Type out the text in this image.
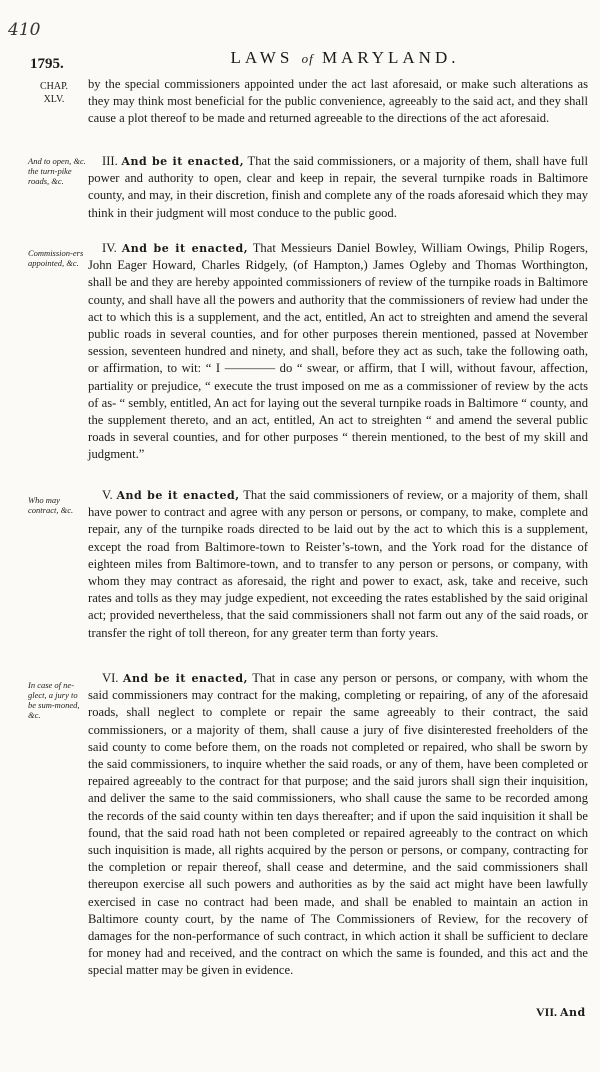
410
1795.	LAWS of MARYLAND.
CHAP.
XLV.

by the special commissioners appointed under the act last aforesaid, or make such alterations as they may think most beneficial for the public convenience, agreeably to the said act, and they shall cause a plot thereof to be made and returned agreeable to the directions of the act aforesaid.

And to open, &c. the turn-pike roads, &c.

III. And be it enacted, That the said commissioners, or a majority of them, shall have full power and authority to open, clear and keep in repair, the several turnpike roads in Baltimore county, and may, in their discretion, finish and complete any of the roads aforesaid which they may think in their judgment will most conduce to the public good.

Commission-ers appointed, &c.

IV. And be it enacted, That Messieurs Daniel Bowley, William Owings, Philip Rogers, John Eager Howard, Charles Ridgely, (of Hampton,) James Ogleby and Thomas Worthington, shall be and they are hereby appointed commissioners of review of the turnpike roads in Baltimore county, and shall have all the powers and authority that the commissioners of review had under the act to which this is a supplement, and the act, entitled, An act to streighten and amend the several public roads in several counties, and for other purposes therein mentioned, passed at November session, seventeen hundred and ninety, and shall, before they act as such, take the following oath, or affirmation, to wit: “ I ———— do “ swear, or affirm, that I will, without favour, affection, partiality or prejudice, “ execute the trust imposed on me as a commissioner of review by the acts of as- “ sembly, entitled, An act for laying out the several turnpike roads in Baltimore “ county, and the supplement thereto, and an act, entitled, An act to streighten “ and amend the several public roads in several counties, and for other purposes “ therein mentioned, to the best of my skill and judgment.”

Who may contract, &c.

V. And be it enacted, That the said commissioners of review, or a majority of them, shall have power to contract and agree with any person or persons, or company, to make, complete and repair, any of the turnpike roads directed to be laid out by the act to which this is a supplement, except the road from Baltimore-town to Reister’s-town, and the York road for the distance of eighteen miles from Baltimore-town, and to transfer to any person or persons, or company, with whom they may contract as aforesaid, the right and power to exact, ask, take and receive, such rates and tolls as they may judge expedient, not exceeding the rates established by the said original act; provided nevertheless, that the said commissioners shall not farm out any of the said roads, or transfer the right of toll thereon, for any greater term than forty years.

In case of ne-glect, a jury to be sum-moned, &c.

VI. And be it enacted, That in case any person or persons, or company, with whom the said commissioners may contract for the making, completing or repairing, of any of the aforesaid roads, shall neglect to complete or repair the same agreeably to their contract, the said commissioners, or a majority of them, shall cause a jury of five disinterested freeholders of the said county to come before them, on the roads not completed or repaired, who shall be sworn by the said commissioners, to inquire whether the said roads, or any of them, have been completed or repaired agreeably to the contract for that purpose; and the said jurors shall sign their inquisition, and deliver the same to the said commissioners, who shall cause the same to be recorded among the records of the said county within ten days thereafter; and if upon the said inquisition it shall be found, that the said road hath not been completed or repaired agreeably to the contract on which such inquisition is made, all rights acquired by the person or persons, or company, contracting for the completion or repair thereof, shall cease and determine, and the said commissioners shall thereupon exercise all such powers and authorities as by the said act might have been lawfully exercised in case no contract had been made, and shall be enabled to maintain an action in Baltimore county court, by the name of The Commissioners of Review, for the recovery of damages for the non-performance of such contract, in which action it shall be sufficient to declare for money had and received, and the contract on which the same is founded, and this act and the special matter may be given in evidence.

VII. And
